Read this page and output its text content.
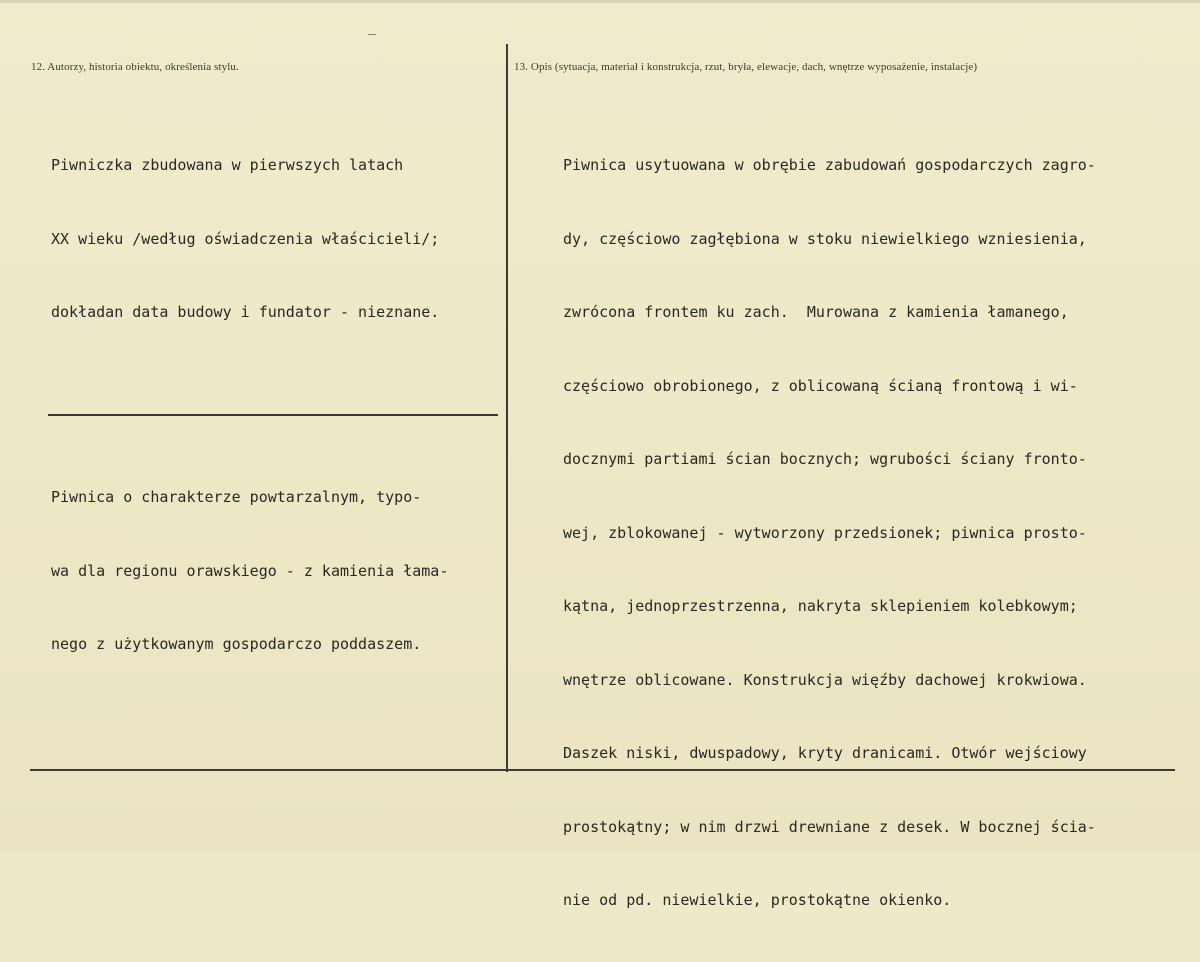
12. Autorzy, historia obiektu, określenia stylu.	13. Opis (sytuacja, materiał i konstrukcja, rzut, bryła, elewacje, dach, wnętrze wyposażenie, instalacje)

Piwniczka zbudowana w pierwszych latach

XX wieku /według oświadczenia właścicieli/;

dokładan data budowy i fundator - nieznane.

Piwnica o charakterze powtarzalnym, typo-

wa dla regionu orawskiego - z kamienia łama-

nego z użytkowanym gospodarczo poddaszem.

Piwnica usytuowana w obrębie zabudowań gospodarczych zagro-

dy, częściowo zagłębiona w stoku niewielkiego wzniesienia,

zwrócona frontem ku zach.  Murowana z kamienia łamanego,

częściowo obrobionego, z oblicowaną ścianą frontową i wi-

docznymi partiami ścian bocznych; wgrubości ściany fronto-

wej, zblokowanej - wytworzony przedsionek; piwnica prosto-

kątna, jednoprzestrzenna, nakryta sklepieniem kolebkowym;

wnętrze oblicowane. Konstrukcja więźby dachowej krokwiowa.

Daszek niski, dwuspadowy, kryty dranicami. Otwór wejściowy

prostokątny; w nim drzwi drewniane z desek. W bocznej ścia-

nie od pd. niewielkie, prostokątne okienko.
